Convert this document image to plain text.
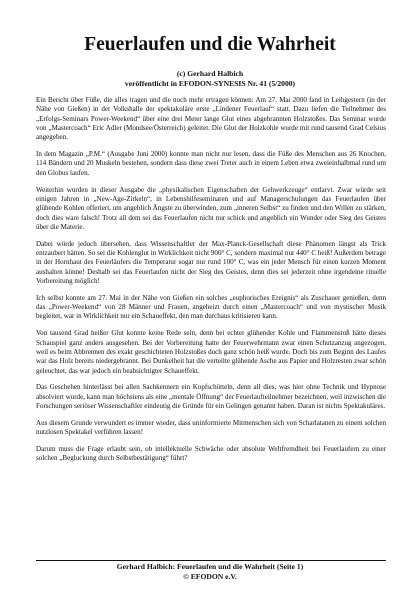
Feuerlaufen und die Wahrheit
(c) Gerhard Halbich
veröffentlicht in EFODON-SYNESIS Nr. 41 (5/2000)

Ein Bericht über Füße, die alles tragen und die noch mehr ertragen können: Am 27. Mai 2000 fand in Leihgestern (in der Nähe von Gießen) in der Volkshalle der spektakuläre erste „Lindener Feuerlauf“ statt. Dazu liefen die Teilnehmer des „Erfolgs-Seminars Power-Weekend“ über eine drei Meter lange Glut eines abgebrannten Holzstoßes. Das Seminar wurde von „Mastercoach“ Eric Adler (Mondsee/Österreich) geleitet. Die Glut der Holzkohle wurde mit rund tausend Grad Celsius angegeben.

In dem Magazin „P.M.“ (Ausgabe Juni 2000) konnte man nicht nur lesen, dass die Füße des Menschen aus 26 Knochen, 114 Bändern und 20 Muskeln bestehen, sondern dass diese zwei Treter auch in einem Leben etwa zweieinhalbmal rund um den Globus laufen.

Weiterhin wurden in dieser Ausgabe die „physikalischen Eigenschaften der Gehwerkzeuge“ entlarvt. Zwar würde seit einigen Jahren in „New-Age-Zirkeln“, in Lebenshilfeseminaren und auf Managerschulungen das Feuerlaufen über glühende Kohlen offeriert, um angeblich Ängste zu überwinden, zum „inneren Selbst“ zu finden und den Willen zu stärken, doch dies ware falsch! Trotz all dem sei das Feuerlaufen nicht nur schick und angeblich ein Wunder oder Sieg des Geistes über die Materie.

Dabei würde jedoch übersehen, dass Wissenschaftler der Max-Planck-Gesellschaft diese Phänomen längst als Trick entzaubert hätten. So sei die Kohlenglut in Wirklichkeit nicht 900° C, sondern maximal nur 440° C heiß! Außerdem betrage in der Hornhaut des Feuerläufers die Temperatur sogar nur rund 100° C, was ein jeder Mensch für einen kurzen Moment aushalten könne! Deshalb sei das Feuerlaufen nicht der Sieg des Geistes, denn dies sei jederzeit ohne irgendeine rituelle Vorbereitung möglich!

Ich selbst konnte am 27. Mai in der Nähe von Gießen ein solches „euphorisches Ereignis“ als Zuschauer genießen, denn das „Power-Weekend“ von 28 Männer und Frauen, angeheizt durch einen „Mastercoach“ und von mystischer Musik begleitet, war in Wirklichkeit nur ein Schaueffekt, den man durchaus kritisieren kann.

Von tausend Grad heißer Glut konnte keine Rede sein, denn bei echter glühender Kohle und Flammenstoß hätte dieses Schauspiel ganz anders ausgesehen. Bei der Vorbereitung hatte der Feuerwehrmann zwar einen Schutzanzug angezogen, weil es beim Abbrennen des exakt geschichteten Holzstoßes doch ganz schön heiß wurde. Doch bis zum Beginn des Laufes war das Holz bereits niedergebrannt. Bei Dunkelheit hat die verteilte glühende Asche aus Papier und Holzresten zwar schön geleuchtet, das war jedoch ein beabsichtigter Schaueffekt.

Das Geschehen hinterlässt bei allen Sachkennern ein Kopfschütteln, denn all dies, was hier ohne Technik und Hypnose absolviert wurde, kann man höchstens als eine „mentale Öffnung“ der Feuerlaufteilnehmer bezeichnen, weil inzwischen die Forschungen seriöser Wissenschaftler eindeutig die Gründe für ein Gelingen genannt haben. Daran ist nichts Spektakuläres.

Aus diesem Grunde verwundert es immer wieder, dass uninformierte Mitmenschen sich von Scharlatanen zu einem solchen nutzlosen Spektakel verführen lassen!

Darum muss die Frage erlaubt sein, ob intellektuelle Schwäche oder absolute Weltfremdheit bei Feuerlaufern zu einer solchen „Begluckung durch Selbstbestätigung“ führt?

Gerhard Halbich: Feuerlaufen und die Wahrheit (Seite 1)
© EFODON e.V.
